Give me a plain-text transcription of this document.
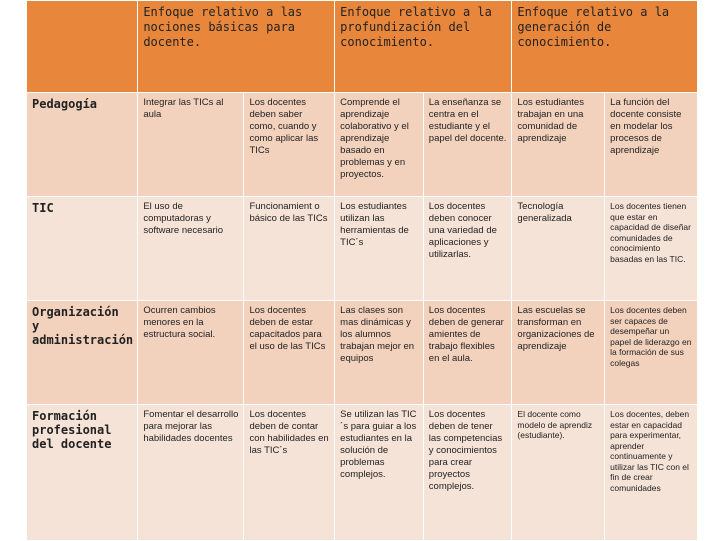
	Enfoque relativo a las nociones básicas para docente.		Enfoque relativo a la profundización del conocimiento.		Enfoque relativo a la generación de conocimiento.	
Pedagogía	Integrar las TICs al aula	Los docentes deben saber como, cuando y como aplicar las TICs	Comprende el aprendizaje colaborativo y el aprendizaje basado en problemas y en proyectos.	La enseñanza se centra en el estudiante y el papel del docente.	Los estudiantes trabajan en una comunidad de aprendizaje	La función del docente consiste en modelar los procesos de aprendizaje
TIC	El uso de computadoras y software necesario	Funcionamient o básico de las TICs	Los estudiantes utilizan las herramientas de TIC´s	Los docentes deben conocer una variedad de aplicaciones y utilizarlas.	Tecnología generalizada	Los docentes tienen que estar en capacidad de diseñar comunidades de conocimiento basadas en las TIC.
Organización y administración	Ocurren cambios menores en la estructura social.	Los docentes deben de estar capacitados para el uso de las TICs	Las clases son mas dinámicas y los alumnos trabajan mejor en equipos	Los docentes deben de generar amientes de trabajo flexibles en el aula.	Las escuelas se transforman en organizaciones de aprendizaje	Los docentes deben ser capaces de desempeñar un papel de liderazgo en la formación de sus colegas
Formación profesional del docente	Fomentar el desarrollo para mejorar las habilidades docentes	Los docentes deben de contar con habilidades en las TIC´s	Se utilizan las TIC´s para guiar a los estudiantes en la solución de problemas complejos.	Los docentes deben de tener las competencias y conocimientos para crear proyectos complejos.	El docente como modelo de aprendiz (estudiante).	Los docentes, deben estar en capacidad para experimentar, aprender continuamente y utilizar las TIC con el fin de crear comunidades
